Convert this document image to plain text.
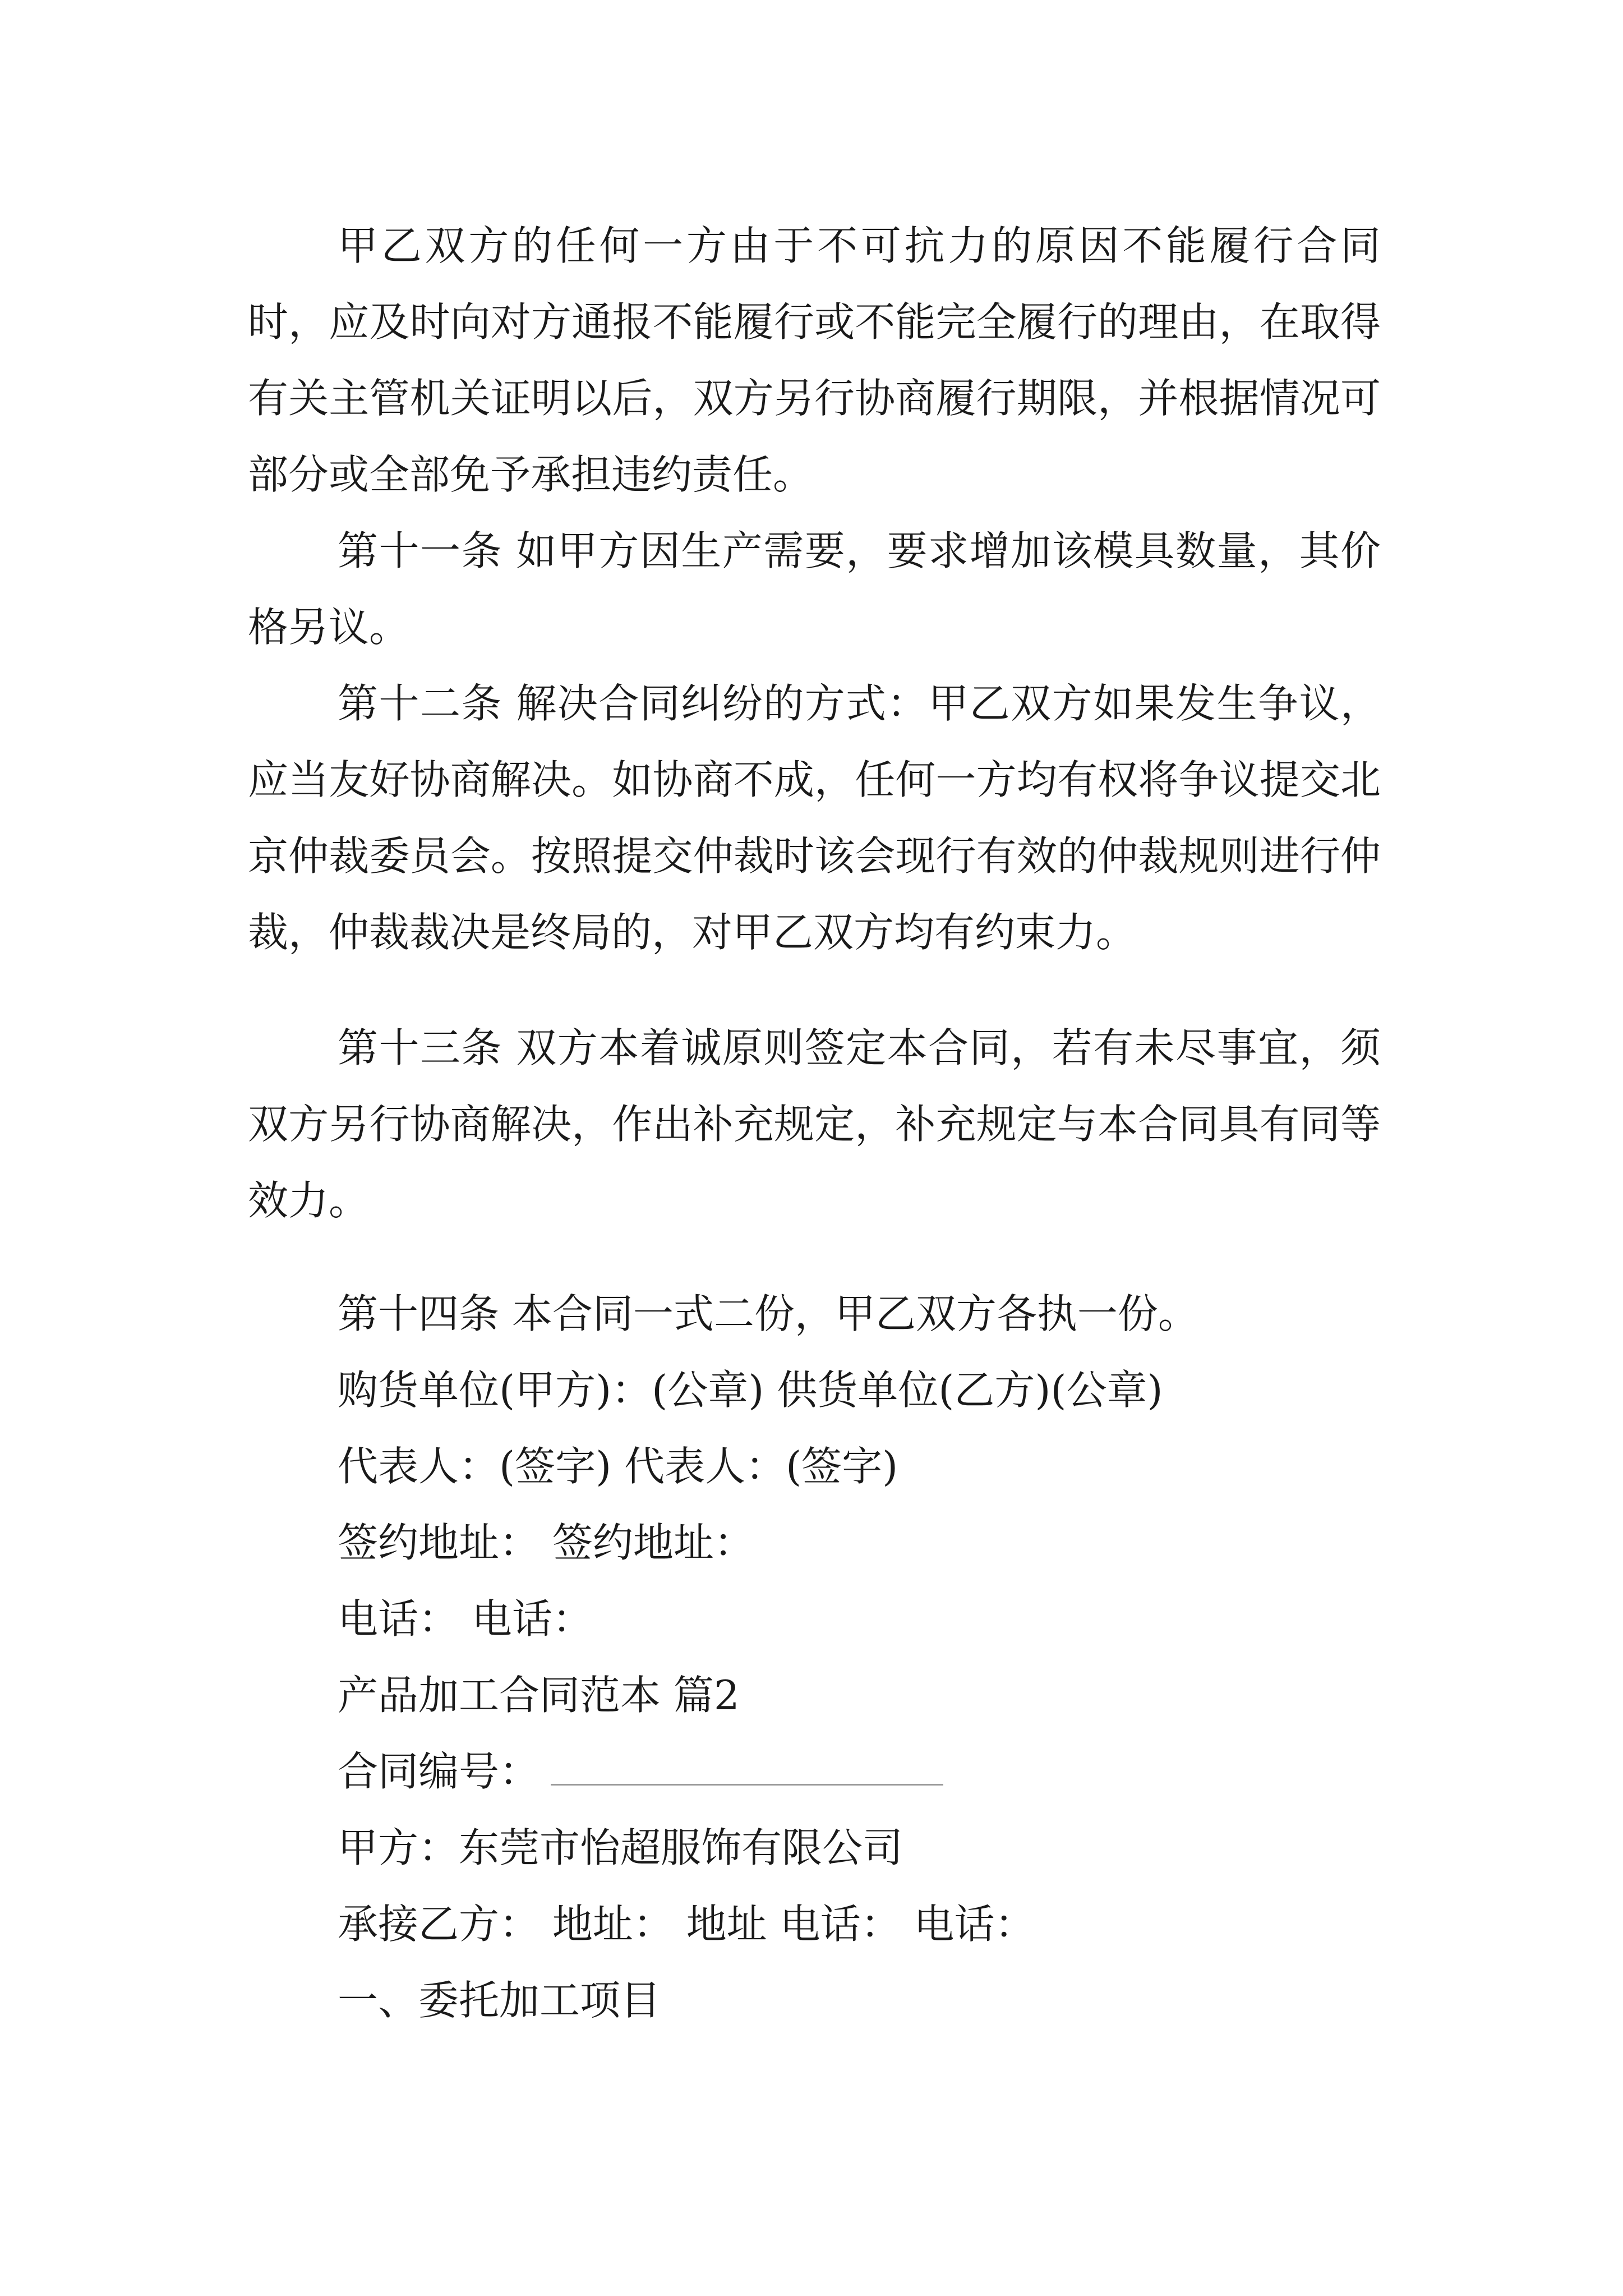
甲乙双方的任何一方由于不可抗力的原因不能履行合同时，应及时向对方通报不能履行或不能完全履行的理由，在取得有关主管机关证明以后，双方另行协商履行期限，并根据情况可部分或全部免予承担违约责任。

第十一条 如甲方因生产需要，要求增加该模具数量，其价格另议。

第十二条 解决合同纠纷的方式：甲乙双方如果发生争议，应当友好协商解决。如协商不成，任何一方均有权将争议提交北京仲裁委员会。按照提交仲裁时该会现行有效的仲裁规则进行仲裁，仲裁裁决是终局的，对甲乙双方均有约束力。

第十三条 双方本着诚原则签定本合同，若有未尽事宜，须双方另行协商解决，作出补充规定，补充规定与本合同具有同等效力。

第十四条 本合同一式二份，甲乙双方各执一份。

购货单位(甲方)：(公章) 供货单位(乙方)(公章)

代表人：(签字) 代表人：(签字)

签约地址： 签约地址：

电话： 电话：

产品加工合同范本 篇2

合同编号：

甲方：东莞市怡超服饰有限公司

承接乙方： 地址： 地址 电话： 电话：

一、委托加工项目
